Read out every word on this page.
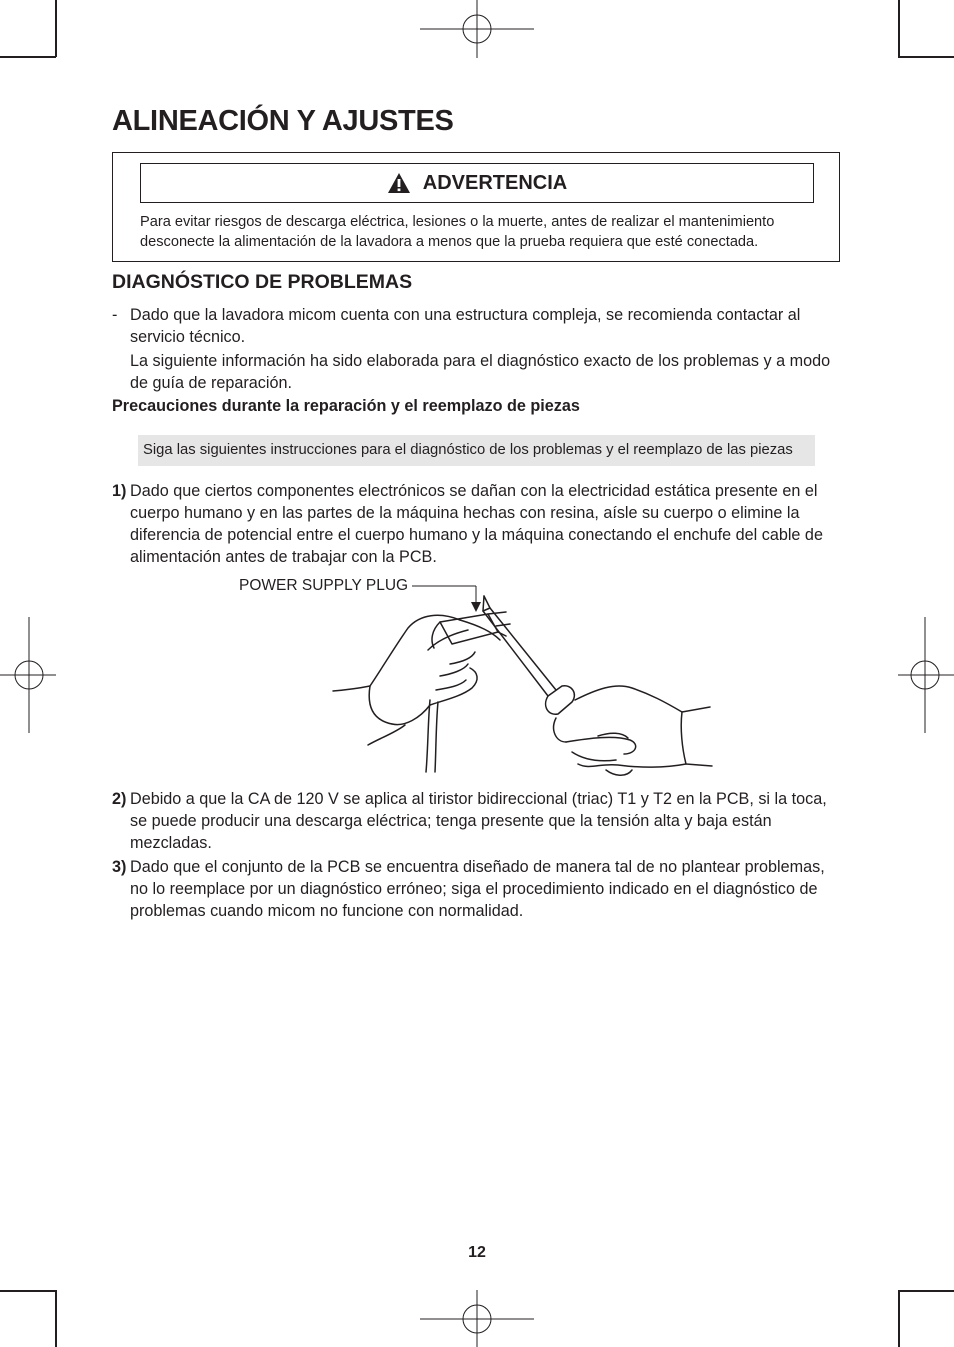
ALINEACIÓN Y AJUSTES
ADVERTENCIA
Para evitar riesgos de descarga eléctrica, lesiones o la muerte, antes de realizar el mantenimiento desconecte la alimentación de la lavadora a menos que la prueba requiera que esté conectada.
DIAGNÓSTICO DE PROBLEMAS
- Dado que la lavadora micom cuenta con una estructura compleja, se recomienda contactar al servicio técnico.
La siguiente información ha sido elaborada para el diagnóstico exacto de los problemas y a modo de guía de reparación.
Precauciones durante la reparación y el reemplazo de piezas
Siga las siguientes instrucciones para el diagnóstico de los problemas y el reemplazo de las piezas
1) Dado que ciertos componentes electrónicos se dañan con la electricidad estática presente en el cuerpo humano y en las partes de la máquina hechas con resina, aísle su cuerpo o elimine la diferencia de potencial entre el cuerpo humano y la máquina conectando el enchufe del cable de alimentación antes de trabajar con la PCB.
POWER SUPPLY PLUG
2) Debido a que la CA de 120 V se aplica al tiristor bidireccional (triac) T1 y T2 en la PCB, si la toca, se puede producir una descarga eléctrica; tenga presente que la tensión alta y baja están mezcladas.
3) Dado que el conjunto de la PCB se encuentra diseñado de manera tal de no plantear problemas, no lo reemplace por un diagnóstico erróneo; siga el procedimiento indicado en el diagnóstico de problemas cuando micom no funcione con normalidad.
12
